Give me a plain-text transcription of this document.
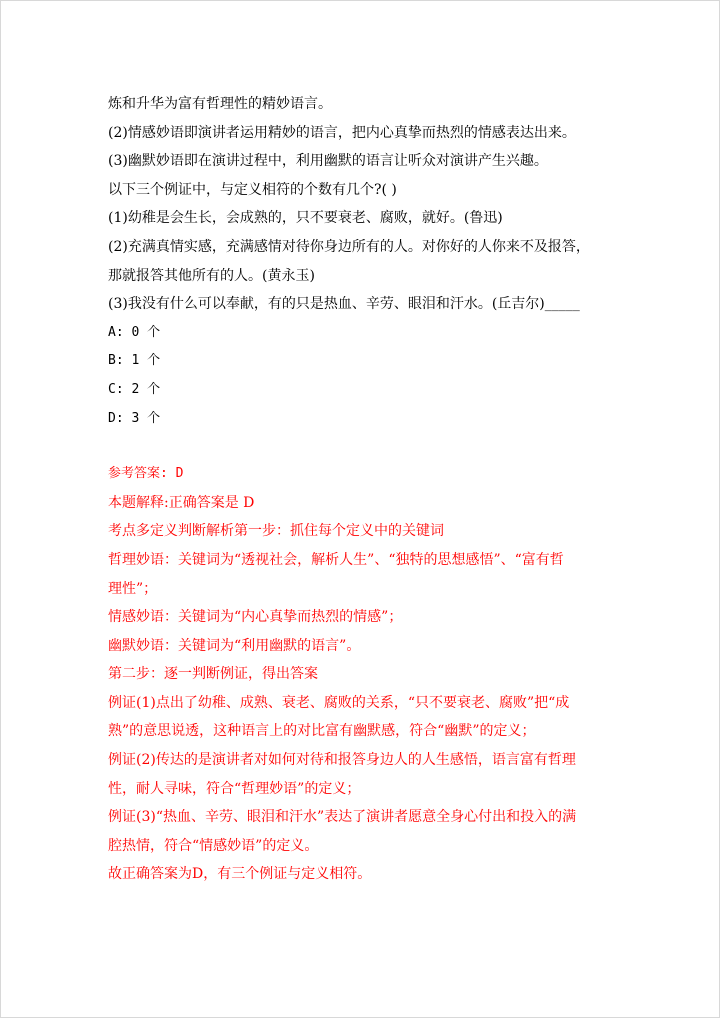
炼和升华为富有哲理性的精妙语言。
(2)情感妙语即演讲者运用精妙的语言，把内心真挚而热烈的情感表达出来。
(3)幽默妙语即在演讲过程中，利用幽默的语言让听众对演讲产生兴趣。
以下三个例证中，与定义相符的个数有几个?( )
(1)幼稚是会生长，会成熟的，只不要衰老、腐败，就好。(鲁迅)
(2)充满真情实感，充满感情对待你身边所有的人。对你好的人你来不及报答，
那就报答其他所有的人。(黄永玉)
(3)我没有什么可以奉献，有的只是热血、辛劳、眼泪和汗水。(丘吉尔)_____
A: 0 个
B: 1 个
C: 2 个
D: 3 个
参考答案: D
本题解释:正确答案是 D
考点多定义判断解析第一步：抓住每个定义中的关键词
哲理妙语：关键词为“透视社会，解析人生”、“独特的思想感悟”、“富有哲
理性”；
情感妙语：关键词为“内心真挚而热烈的情感”；
幽默妙语：关键词为“利用幽默的语言”。
第二步：逐一判断例证，得出答案
例证(1)点出了幼稚、成熟、衰老、腐败的关系，“只不要衰老、腐败”把“成
熟”的意思说透，这种语言上的对比富有幽默感，符合“幽默”的定义；
例证(2)传达的是演讲者对如何对待和报答身边人的人生感悟，语言富有哲理
性，耐人寻味，符合“哲理妙语”的定义；
例证(3)“热血、辛劳、眼泪和汗水”表达了演讲者愿意全身心付出和投入的满
腔热情，符合“情感妙语”的定义。
故正确答案为D，有三个例证与定义相符。
